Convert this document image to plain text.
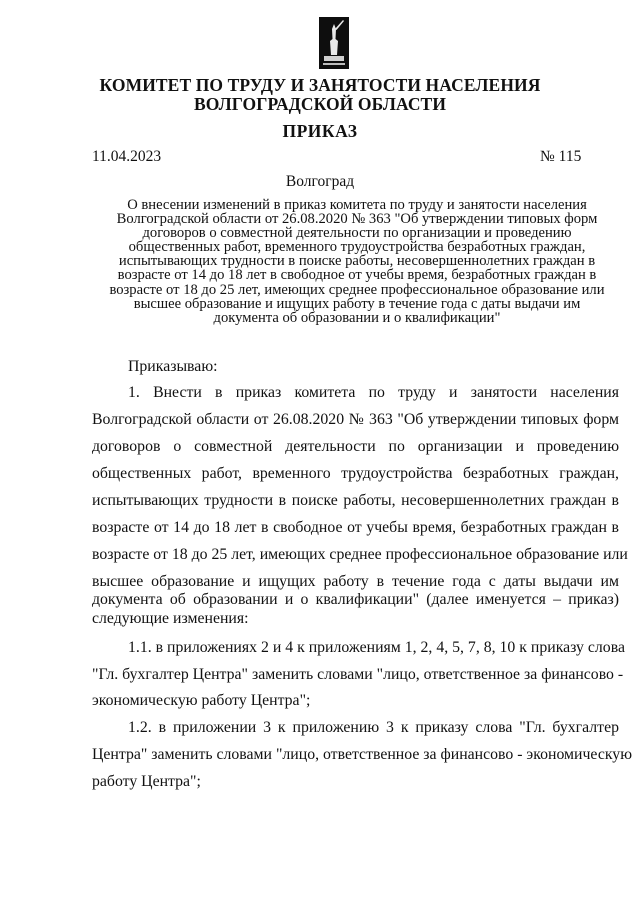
КОМИТЕТ ПО ТРУДУ И ЗАНЯТОСТИ НАСЕЛЕНИЯ
ВОЛГОГРАДСКОЙ ОБЛАСТИ
ПРИКАЗ
11.04.2023	№ 115
Волгоград
О внесении изменений в приказ комитета по труду и занятости населения
Волгоградской области от 26.08.2020 № 363 "Об утверждении типовых форм
договоров о совместной деятельности по организации и проведению
общественных работ, временного трудоустройства безработных граждан,
испытывающих трудности в поиске работы, несовершеннолетних граждан в
возрасте от 14 до 18 лет в свободное от учебы время, безработных граждан в
возрасте от 18 до 25 лет, имеющих среднее профессиональное образование или
высшее образование и ищущих работу в течение года с даты выдачи им
документа об образовании и о квалификации"
Приказываю:
1. Внести в приказ комитета по труду и занятости населения
Волгоградской области от 26.08.2020 № 363 "Об утверждении типовых форм
договоров о совместной деятельности по организации и проведению
общественных работ, временного трудоустройства безработных граждан,
испытывающих трудности в поиске работы, несовершеннолетних граждан в
возрасте от 14 до 18 лет в свободное от учебы время, безработных граждан в
возрасте от 18 до 25 лет, имеющих среднее профессиональное образование или
высшее образование и ищущих работу в течение года с даты выдачи им
документа об образовании и о квалификации" (далее именуется – приказ)
следующие изменения:
1.1. в приложениях 2 и 4 к приложениям 1, 2, 4, 5, 7, 8, 10 к приказу слова
"Гл. бухгалтер Центра" заменить словами "лицо, ответственное за финансово -
экономическую работу Центра";
1.2. в приложении 3 к приложению 3 к приказу слова "Гл. бухгалтер
Центра" заменить словами "лицо, ответственное за финансово - экономическую
работу Центра";
